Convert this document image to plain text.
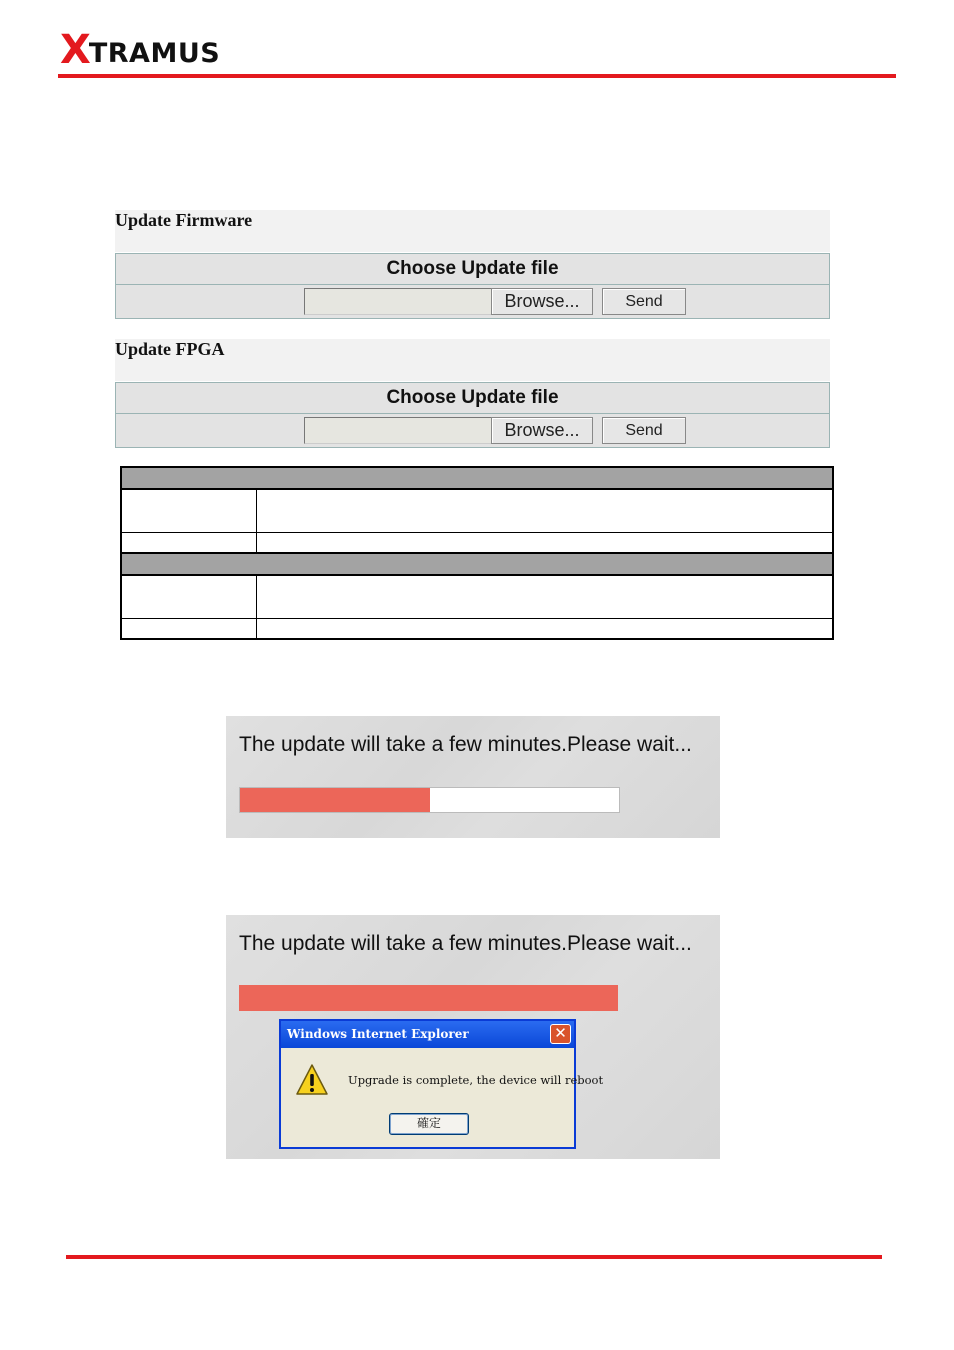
X
TRAMUS
Update Firmware
Choose Update file
Browse...	Send
Update FPGA
Choose Update file
Browse...	Send
The update will take a few minutes.Please wait...
The update will take a few minutes.Please wait...
Windows Internet Explorer	✕
Upgrade is complete, the device will reboot
確定
